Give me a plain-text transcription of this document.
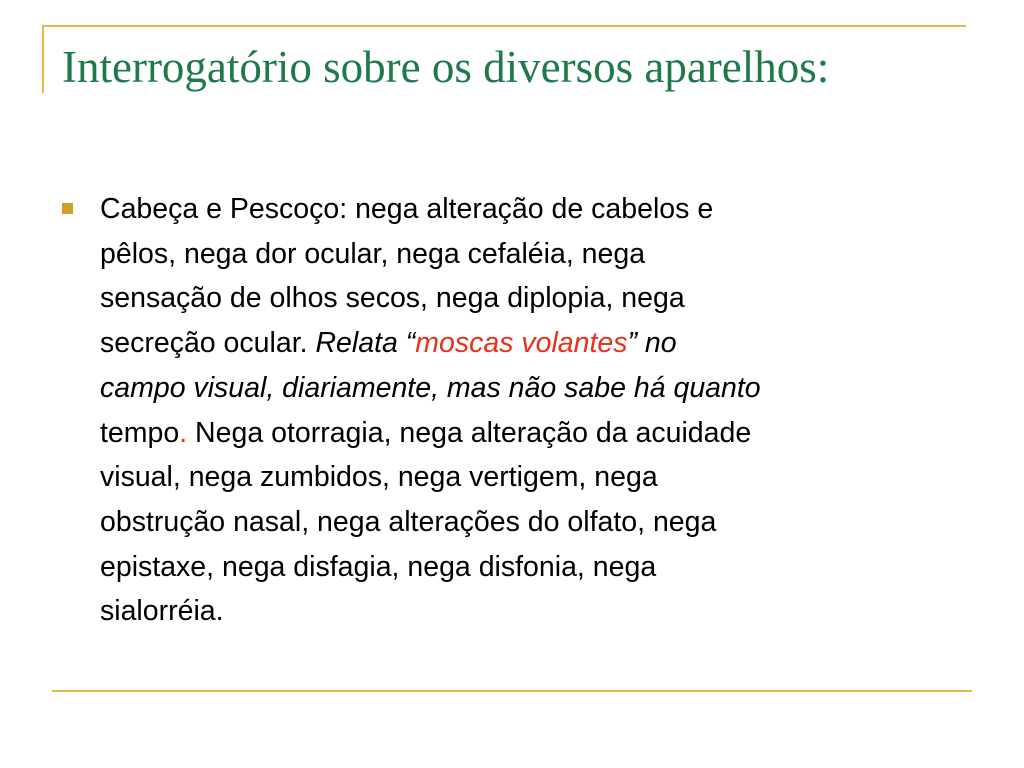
Interrogatório sobre os diversos aparelhos:
Cabeça e Pescoço: nega alteração de cabelos e
pêlos, nega dor ocular, nega cefaléia, nega
sensação de olhos secos, nega diplopia, nega
secreção ocular. Relata “moscas volantes” no
campo visual, diariamente, mas não sabe há quanto
tempo. Nega otorragia, nega alteração da acuidade
visual, nega zumbidos, nega vertigem, nega
obstrução nasal, nega alterações do olfato, nega
epistaxe, nega disfagia, nega disfonia, nega
sialorréia.
